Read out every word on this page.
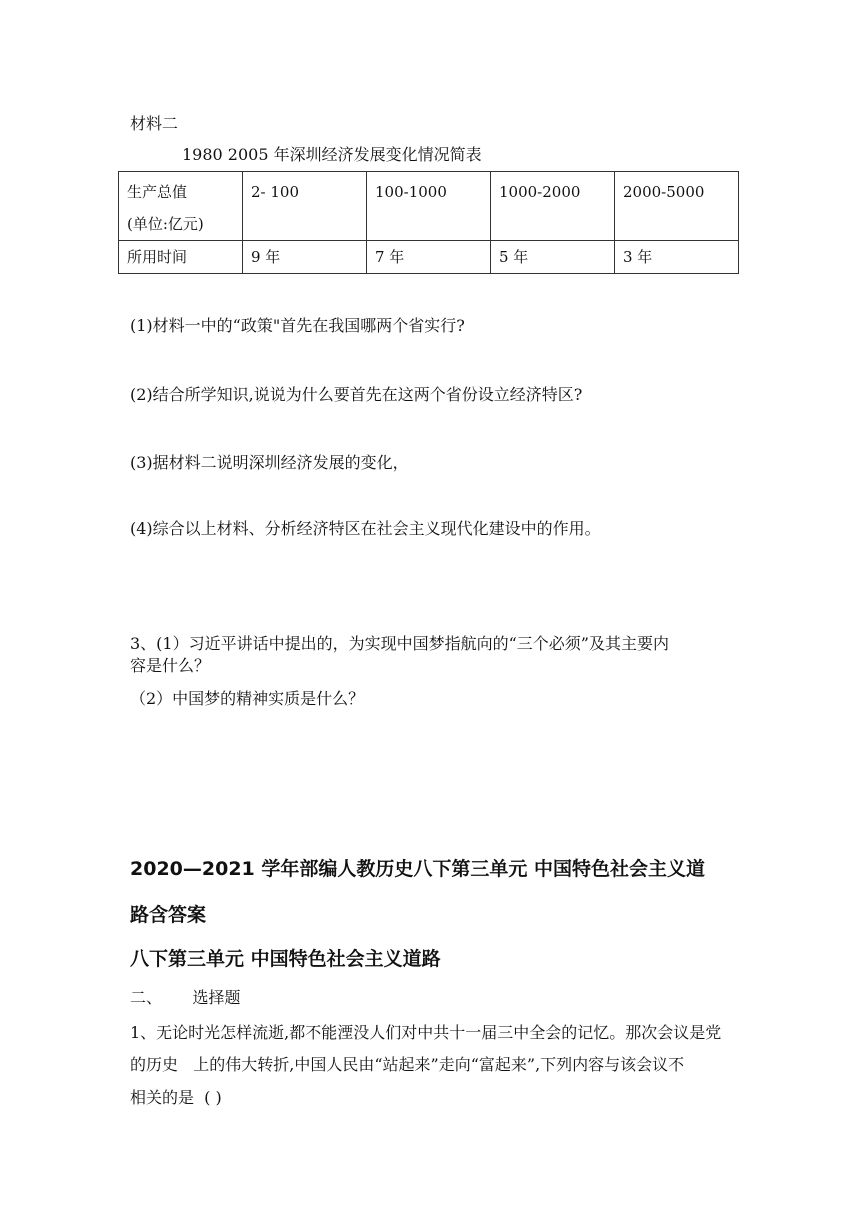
材料二
1980 2005 年深圳经济发展变化情况简表
生产总值
(单位:亿元)	2- 100	100-1000	1000-2000	2000-5000
所用时间	9 年	7 年	5 年	3 年
(1)材料一中的“政策"首先在我国哪两个省实行?
(2)结合所学知识,说说为什么要首先在这两个省份设立经济特区?
(3)据材料二说明深圳经济发展的变化，
(4)综合以上材料、分析经济特区在社会主义现代化建设中的作用。
3、(1）习近平讲话中提出的，为实现中国梦指航向的“三个必须”及其主要内
容是什么？
（2）中国梦的精神实质是什么？
2020—2021 学年部编人教历史八下第三单元 中国特色社会主义道
路含答案
八下第三单元 中国特色社会主义道路
二、      选择题
1、无论时光怎样流逝,都不能湮没人们对中共十一届三中全会的记忆。那次会议是党
的历史   上的伟大转折,中国人民由“站起来”走向“富起来”,下列内容与该会议不
相关的是  ( )
